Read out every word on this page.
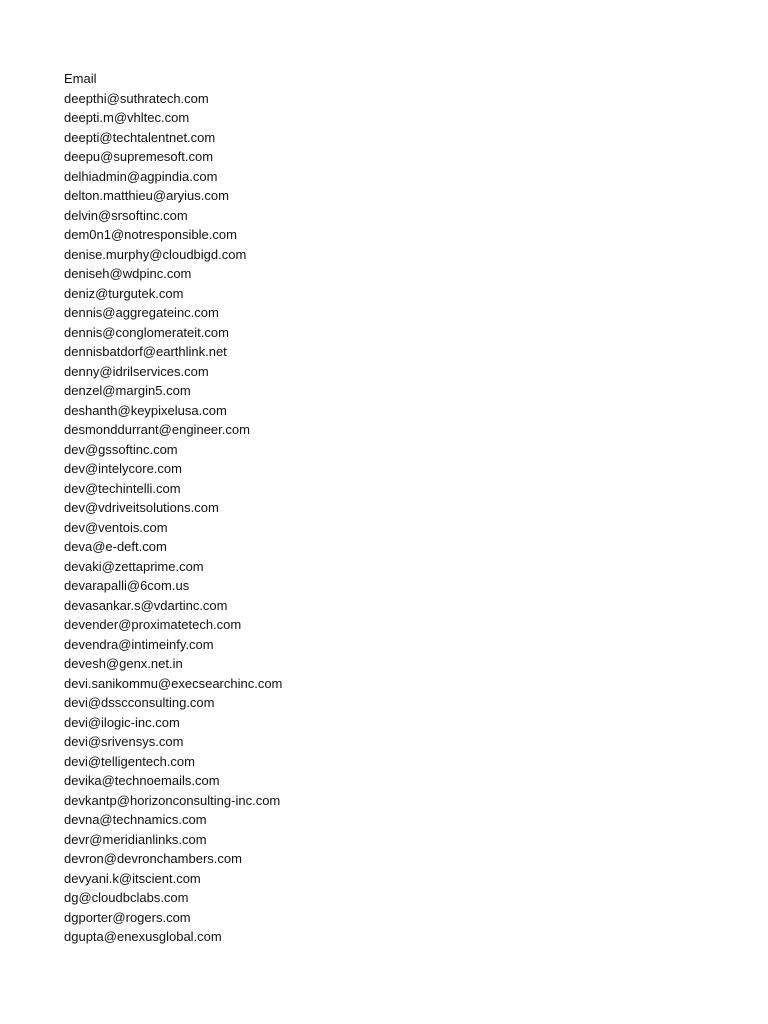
Email
deepthi@suthratech.com
deepti.m@vhltec.com
deepti@techtalentnet.com
deepu@supremesoft.com
delhiadmin@agpindia.com
delton.matthieu@aryius.com
delvin@srsoftinc.com
dem0n1@notresponsible.com
denise.murphy@cloudbigd.com
deniseh@wdpinc.com
deniz@turgutek.com
dennis@aggregateinc.com
dennis@conglomerateit.com
dennisbatdorf@earthlink.net
denny@idrilservices.com
denzel@margin5.com
deshanth@keypixelusa.com
desmonddurrant@engineer.com
dev@gssoftinc.com
dev@intelycore.com
dev@techintelli.com
dev@vdriveitsolutions.com
dev@ventois.com
deva@e-deft.com
devaki@zettaprime.com
devarapalli@6com.us
devasankar.s@vdartinc.com
devender@proximatetech.com
devendra@intimeinfy.com
devesh@genx.net.in
devi.sanikommu@execsearchinc.com
devi@dsscconsulting.com
devi@ilogic-inc.com
devi@srivensys.com
devi@telligentech.com
devika@technoemails.com
devkantp@horizonconsulting-inc.com
devna@technamics.com
devr@meridianlinks.com
devron@devronchambers.com
devyani.k@itscient.com
dg@cloudbclabs.com
dgporter@rogers.com
dgupta@enexusglobal.com
